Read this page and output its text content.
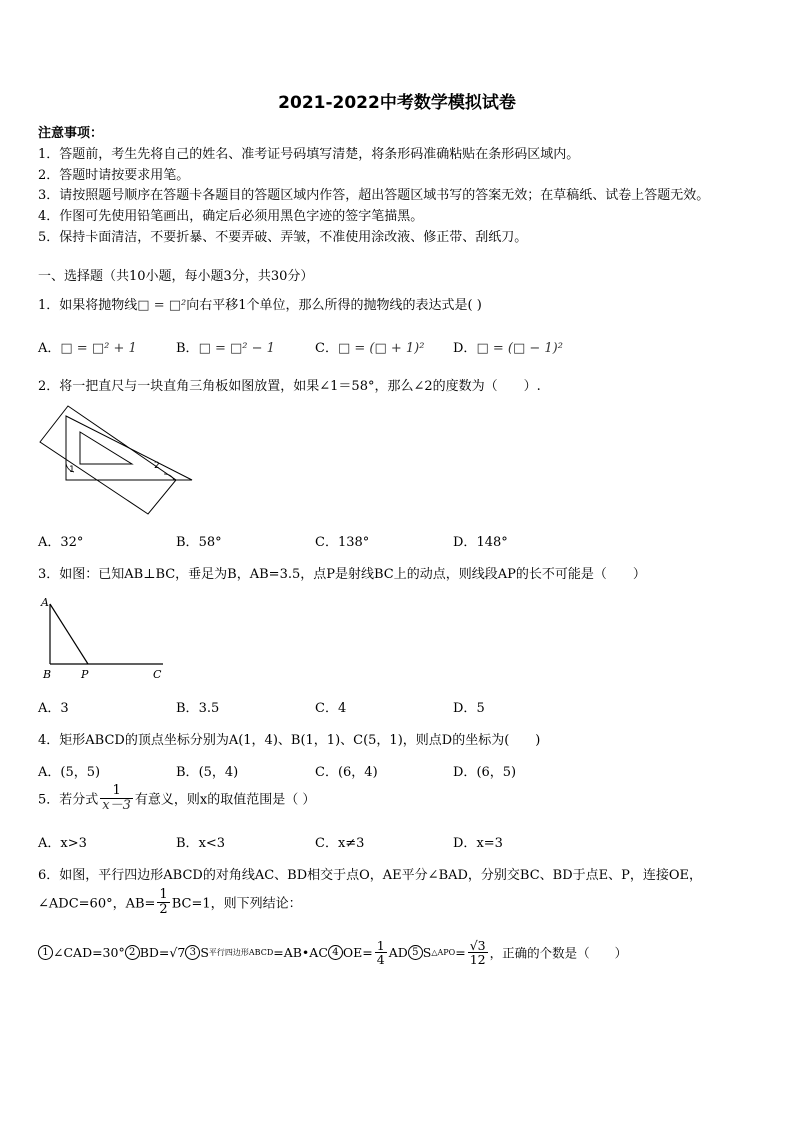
2021-2022中考数学模拟试卷
注意事项：
1．答题前，考生先将自己的姓名、准考证号码填写清楚，将条形码准确粘贴在条形码区域内。
2．答题时请按要求用笔。
3．请按照题号顺序在答题卡各题目的答题区域内作答，超出答题区域书写的答案无效；在草稿纸、试卷上答题无效。
4．作图可先使用铅笔画出，确定后必须用黑色字迹的签字笔描黑。
5．保持卡面清洁，不要折暴、不要弄破、弄皱，不准使用涂改液、修正带、刮纸刀。
一、选择题（共10小题，每小题3分，共30分）
1．如果将抛物线□ = □²向右平移1个单位，那么所得的抛物线的表达式是( )
A．□ = □² + 1	B．□ = □² − 1	C．□ = (□ + 1)² D．□ = (□ − 1)²
2．将一把直尺与一块直角三角板如图放置，如果∠1＝58°，那么∠2的度数为（　　）.
1	2
A．32°	B．58°	C．138°	D．148°
3．如图：已知AB⊥BC，垂足为B，AB=3.5，点P是射线BC上的动点，则线段AP的长不可能是（　　）
A
B	P	C
A．3	B．3.5	C．4	D．5
4．矩形ABCD的顶点坐标分别为A(1，4)、B(1，1)、C(5，1)，则点D的坐标为(　　)
A．(5，5)	B．(5，4)	C．(6，4)	D．(6，5)
5．若分式 $\frac{1}{x-3}$ 有意义，则x的取值范围是（ ）
A．x>3	B．x<3	C．x≠3	D．x=3
6．如图，平行四边形ABCD的对角线AC、BD相交于点O，AE平分∠BAD，分别交BC、BD于点E、P，连接OE，
∠ADC=60°，$AB= \frac{1}{2} BC=1$，则下列结论：
1 ∠CAD=30° 2 BD=√7 3 S平行四边形ABCD=AB•AC 4 $OE= \frac{1}{4}$ AD 5 S△APO= $\frac{√3}{12}$ ，正确的个数是（　　）
